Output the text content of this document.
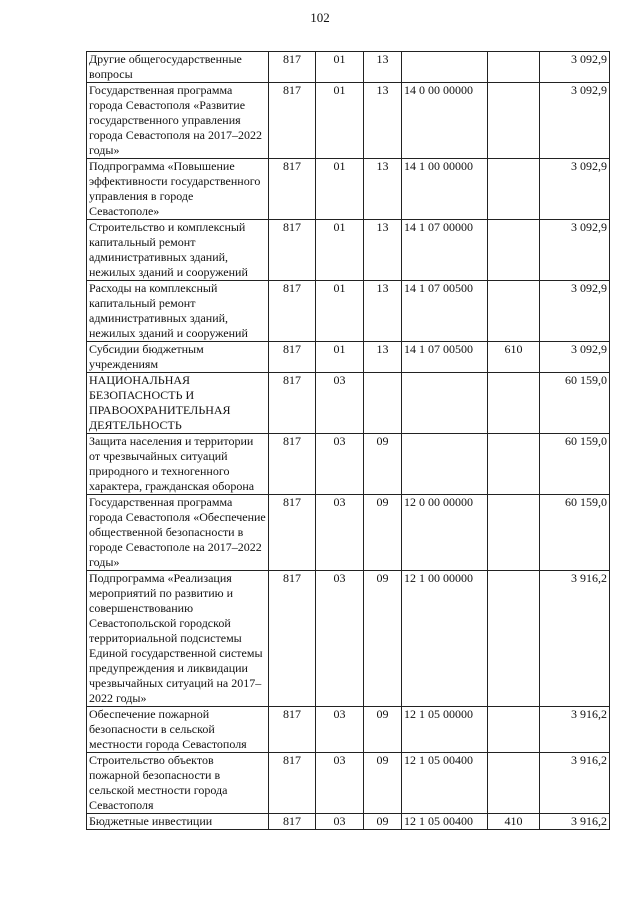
102
Другие общегосударственные вопросы	817	01	13			3 092,9
Государственная программа города Севастополя «Развитие государственного управления города Севастополя на 2017–2022 годы»	817	01	13	14 0 00 00000		3 092,9
Подпрограмма «Повышение эффективности государственного управления в городе Севастополе»	817	01	13	14 1 00 00000		3 092,9
Строительство и комплексный капитальный ремонт административных зданий, нежилых зданий и сооружений	817	01	13	14 1 07 00000		3 092,9
Расходы на комплексный капитальный ремонт административных зданий, нежилых зданий и сооружений	817	01	13	14 1 07 00500		3 092,9
Субсидии бюджетным учреждениям	817	01	13	14 1 07 00500	610	3 092,9
НАЦИОНАЛЬНАЯ БЕЗОПАСНОСТЬ И ПРАВООХРАНИТЕЛЬНАЯ ДЕЯТЕЛЬНОСТЬ	817	03				60 159,0
Защита населения и территории от чрезвычайных ситуаций природного и техногенного характера, гражданская оборона	817	03	09			60 159,0
Государственная программа города Севастополя «Обеспечение общественной безопасности в городе Севастополе на 2017–2022 годы»	817	03	09	12 0 00 00000		60 159,0
Подпрограмма «Реализация мероприятий по развитию и совершенствованию Севастопольской городской территориальной подсистемы Единой государственной системы предупреждения и ликвидации чрезвычайных ситуаций на 2017–2022 годы»	817	03	09	12 1 00 00000		3 916,2
Обеспечение пожарной безопасности в сельской местности города Севастополя	817	03	09	12 1 05 00000		3 916,2
Строительство объектов пожарной безопасности в сельской местности города Севастополя	817	03	09	12 1 05 00400		3 916,2
Бюджетные инвестиции	817	03	09	12 1 05 00400	410	3 916,2
